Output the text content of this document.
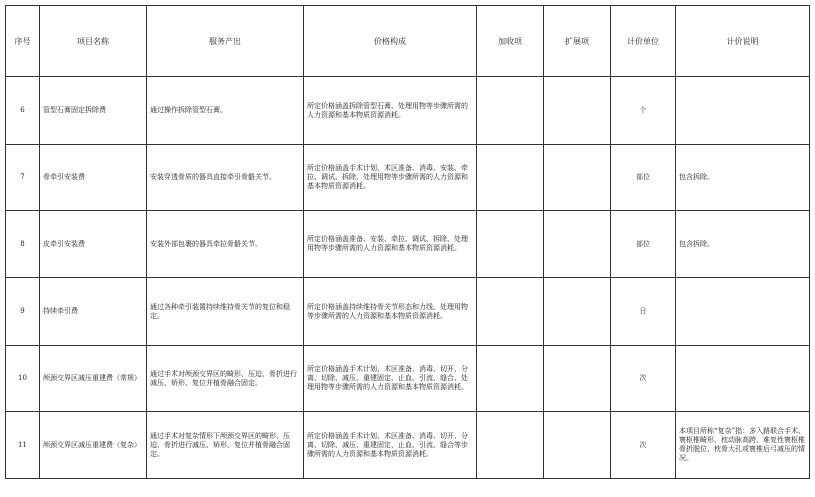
序号	项目名称	服务产出	价格构成	加收项	扩展项	计价单位	计价说明
6	管型石膏固定拆除费	通过操作拆除管型石膏。	所定价格涵盖拆除管型石膏、处理用物等步骤所需的人力资源和基本物质资源消耗。			个	
7	骨牵引安装费	安装穿透骨质的器具直接牵引骨骼关节。	所定价格涵盖手术计划、术区准备、消毒、安装、牵拉、调试、拆除、处理用物等步骤所需的人力资源和基本物质资源消耗。			部位	包含拆除。
8	皮牵引安装费	安装外部包裹的器具牵拉骨骼关节。	所定价格涵盖准备、安装、牵拉、调试、拆除、处理用物等步骤所需的人力资源和基本物质资源消耗。			部位	包含拆除。
9	持续牵引费	通过各种牵引装置持续维持骨关节的复位和稳定。	所定价格涵盖持续维持骨关节形态和力线、处理用物等步骤所需的人力资源和基本物质资源消耗。			日	
10	颅颈交界区减压重建费（常规）	通过手术对颅颈交界区的畸形、压迫、骨折进行减压、矫形、复位并植骨融合固定。	所定价格涵盖手术计划、术区准备、消毒、切开、分离、切除、减压、重建固定、止血、引流、缝合、处理用物等步骤所需的人力资源和基本物质资源消耗。			次	
11	颅颈交界区减压重建费（复杂）	通过手术对复杂情形下颅颈交界区的畸形、压迫、骨折进行减压、矫形、复位并植骨融合固定。	所定价格涵盖手术计划、术区准备、消毒、切开、分离、切除、减压、重建固定、止血、引流、缝合等步骤所需的人力资源和基本物质资源消耗。			次	本项目所称“复杂”指：多入路联合手术、寰枢椎畸形、枕动脉高跨、难复性寰枢椎骨折脱位、枕骨大孔或寰椎后弓减压的情况。
